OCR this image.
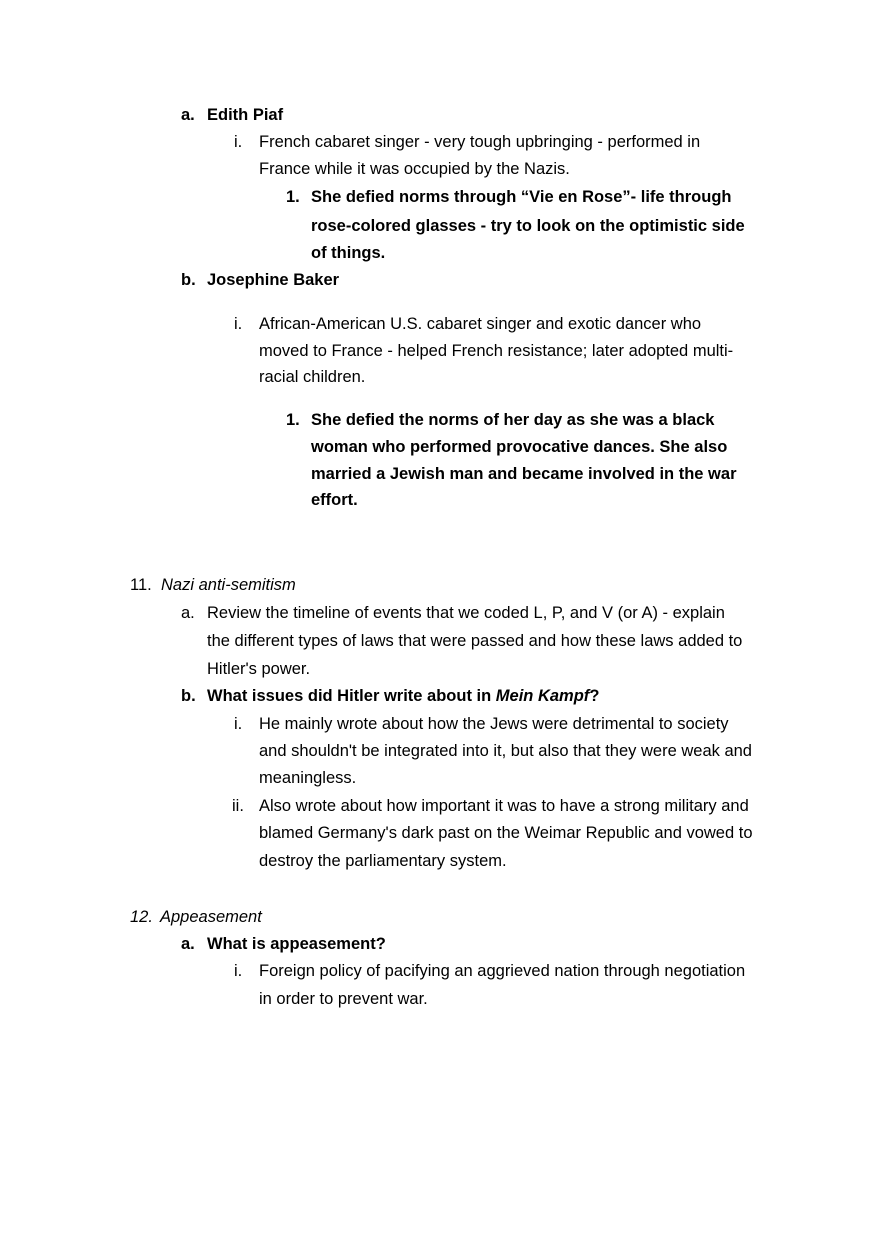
a. Edith Piaf
i. French cabaret singer - very tough upbringing - performed in
France while it was occupied by the Nazis.
1. She defied norms through “Vie en Rose”- life through
rose-colored glasses - try to look on the optimistic side
of things.
b. Josephine Baker
i. African-American U.S. cabaret singer and exotic dancer who
moved to France - helped French resistance; later adopted multi-
racial children.
1. She defied the norms of her day as she was a black
woman who performed provocative dances. She also
married a Jewish man and became involved in the war
effort.
11. Nazi anti-semitism
a. Review the timeline of events that we coded L, P, and V (or A) - explain
the different types of laws that were passed and how these laws added to
Hitler's power.
b. What issues did Hitler write about in Mein Kampf?
i. He mainly wrote about how the Jews were detrimental to society
and shouldn't be integrated into it, but also that they were weak and
meaningless.
ii. Also wrote about how important it was to have a strong military and
blamed Germany's dark past on the Weimar Republic and vowed to
destroy the parliamentary system.
12. Appeasement
a. What is appeasement?
i. Foreign policy of pacifying an aggrieved nation through negotiation
in order to prevent war.
